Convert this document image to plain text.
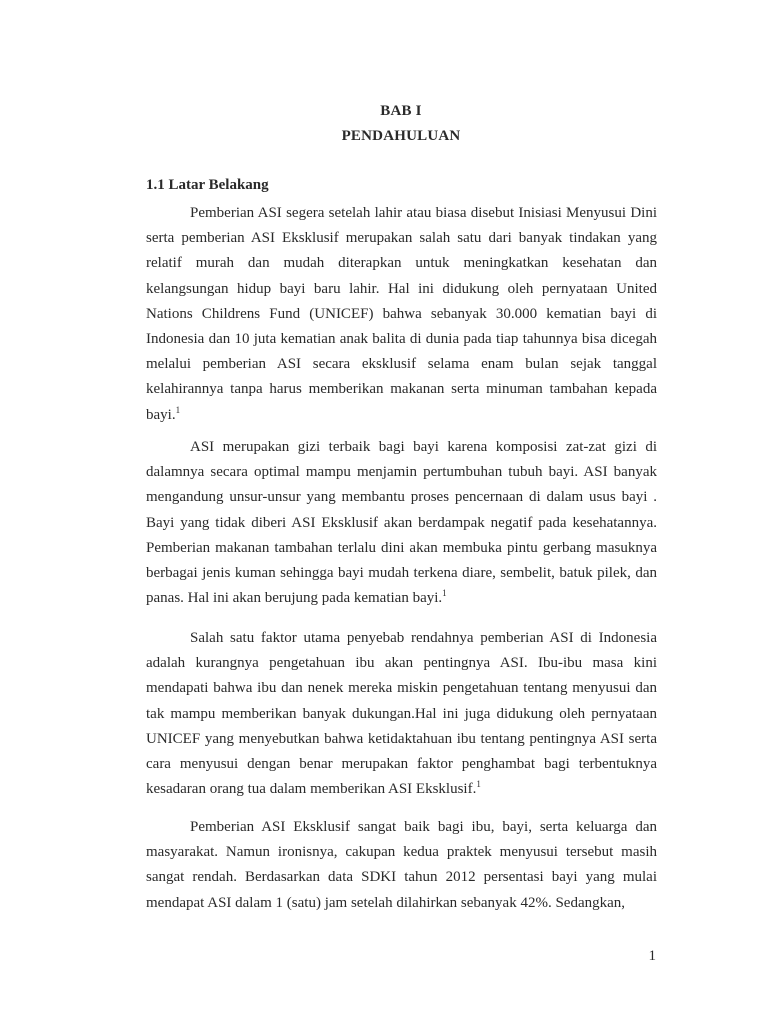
BAB I
PENDAHULUAN
1.1 Latar Belakang

Pemberian ASI segera setelah lahir atau biasa disebut Inisiasi Menyusui Dini serta pemberian ASI Eksklusif merupakan salah satu dari banyak tindakan yang relatif murah dan mudah diterapkan untuk meningkatkan kesehatan dan kelangsungan hidup bayi baru lahir. Hal ini didukung oleh pernyataan United Nations Childrens Fund (UNICEF) bahwa sebanyak 30.000 kematian bayi di Indonesia dan 10 juta kematian anak balita di dunia pada tiap tahunnya bisa dicegah melalui pemberian ASI secara eksklusif selama enam bulan sejak tanggal kelahirannya tanpa harus memberikan makanan serta minuman tambahan kepada bayi.$^1$

ASI merupakan gizi terbaik bagi bayi karena komposisi zat-zat gizi di dalamnya secara optimal mampu menjamin pertumbuhan tubuh bayi. ASI banyak mengandung unsur-unsur yang membantu proses pencernaan di dalam usus bayi . Bayi yang tidak diberi ASI Eksklusif akan berdampak negatif pada kesehatannya. Pemberian makanan tambahan terlalu dini akan membuka pintu gerbang masuknya berbagai jenis kuman sehingga bayi mudah terkena diare, sembelit, batuk pilek, dan panas. Hal ini akan berujung pada kematian bayi.$^1$

Salah satu faktor utama penyebab rendahnya pemberian ASI di Indonesia adalah kurangnya pengetahuan ibu akan pentingnya ASI. Ibu-ibu masa kini mendapati bahwa ibu dan nenek mereka miskin pengetahuan tentang menyusui dan tak mampu memberikan banyak dukungan.Hal ini juga didukung oleh pernyataan UNICEF yang menyebutkan bahwa ketidaktahuan ibu tentang pentingnya ASI serta cara menyusui dengan benar merupakan faktor penghambat bagi terbentuknya kesadaran orang tua dalam memberikan ASI Eksklusif.$^1$

Pemberian ASI Eksklusif sangat baik bagi ibu, bayi, serta keluarga dan masyarakat. Namun ironisnya, cakupan kedua praktek menyusui tersebut masih sangat rendah. Berdasarkan data SDKI tahun 2012 persentasi bayi yang mulai mendapat ASI dalam 1 (satu) jam setelah dilahirkan sebanyak 42%. Sedangkan,

1
